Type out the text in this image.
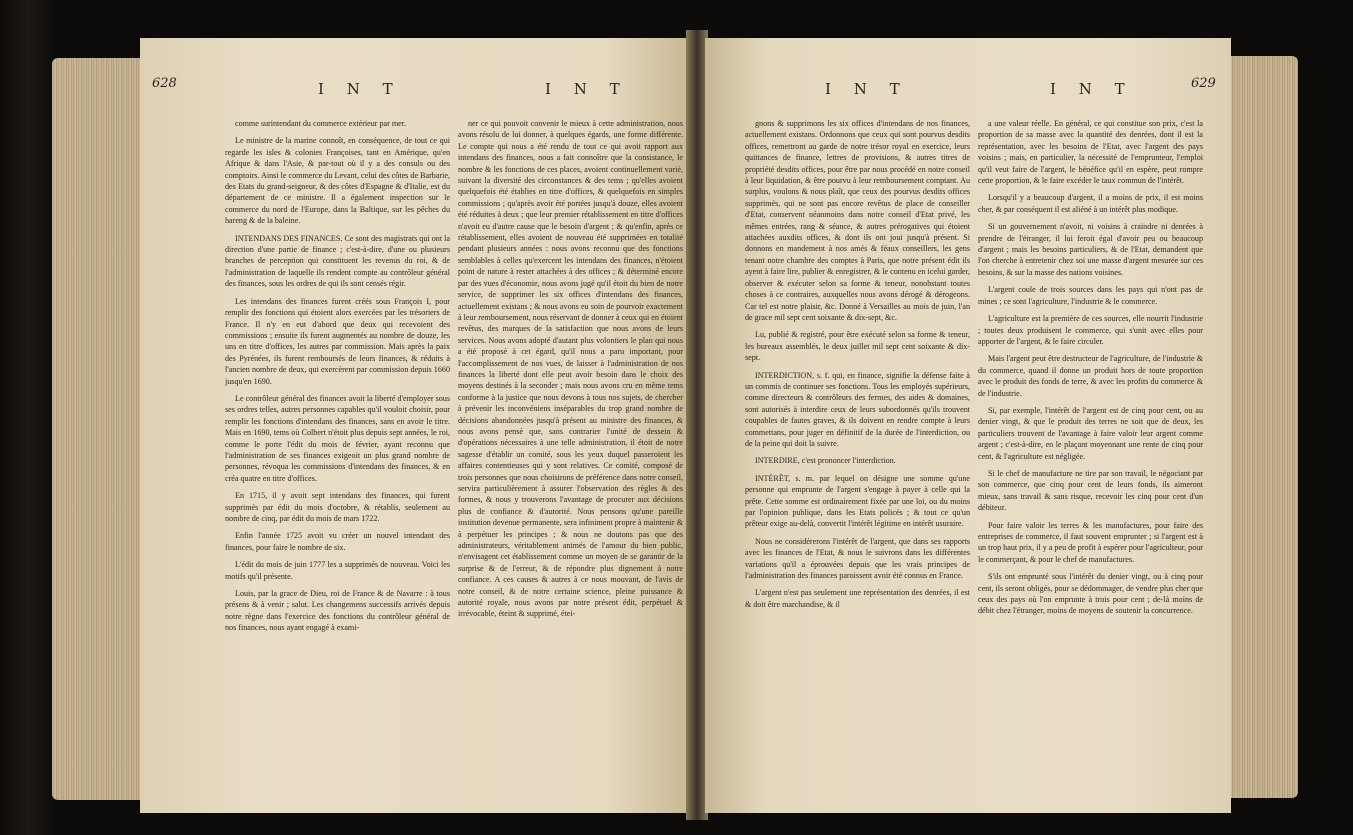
628	I N T	I N T

comme surintendant du commerce extérieur par mer.

Le ministre de la marine connoît, en conséquence, de tout ce qui regarde les isles & colonies Françoises, tant en Amérique, qu'en Afrique & dans l'Asie, & par-tout où il y a des consuls ou des comptoirs. Ainsi le commerce du Levant, celui des côtes de Barbarie, des Etats du grand-seigneur, & des côtes d'Espagne & d'Italie, est du département de ce ministre. Il a également inspection sur le commerce du nord de l'Europe, dans la Baltique, sur les pêches du hareng & de la baleine.

INTENDANS DES FINANCES. Ce sont des magistrats qui ont la direction d'une partie de finance ; c'est-à-dire, d'une ou plusieurs branches de perception qui constituent les revenus du roi, & de l'administration de laquelle ils rendent compte au contrôleur général des finances, sous les ordres de qui ils sont censés régir.

Les intendans des finances furent créés sous François I, pour remplir des fonctions qui étoient alors exercées par les trésoriers de France. Il n'y en eut d'abord que deux qui recevoient des commissions ; ensuite ils furent augmentés au nombre de douze, les uns en titre d'offices, les autres par commission. Mais après la paix des Pyrénées, ils furent remboursés de leurs finances, & réduits à l'ancien nombre de deux, qui exercèrent par commission depuis 1660 jusqu'en 1690.

Le contrôleur général des finances avoit la liberté d'employer sous ses ordres telles, autres personnes capables qu'il vouloit choisir, pour remplir les fonctions d'intendans des finances, sans en avoir le titre. Mais en 1690, tems où Colbert n'étoit plus depuis sept années, le roi, comme le porte l'édit du mois de février, ayant reconnu que l'administration de ses finances exigeoit un plus grand nombre de personnes, révoqua les commissions d'intendans des finances, & en créa quatre en titre d'offices.

En 1715, il y avoit sept intendans des finances, qui furent supprimés par édit du mois d'octobre, & rétablis, seulement au nombre de cinq, par édit du mois de mars 1722.

Enfin l'année 1725 avoit vu créer un nouvel intendant des finances, pour faire le nombre de six.

L'édit du mois de juin 1777 les a supprimés de nouveau. Voici les motifs qu'il présente.

Louis, par la grace de Dieu, roi de France & de Navarre : à tous présens & à venir ; salut. Les changemens successifs arrivés depuis notre règne dans l'exercice des fonctions du contrôleur général de nos finances, nous ayant engagé à exami-

ner ce qui pouvoit convenir le mieux à cette administration, nous avons résolu de lui donner, à quelques égards, une forme différente. Le compte qui nous a été rendu de tout ce qui avoit rapport aux intendans des finances, nous a fait connoître que la consistance, le nombre & les fonctions de ces places, avoient continuellement varié, suivant la diversité des circonstances & des tems ; qu'elles avoient quelquefois été établies en titre d'offices, & quelquefois en simples commissions ; qu'après avoir été portées jusqu'à douze, elles avoient été réduites à deux ; que leur premier rétablissement en titre d'offices n'avoit eu d'autre cause que le besoin d'argent ; & qu'enfin, après ce rétablissement, elles avoient de nouveau été supprimées en totalité pendant plusieurs années : nous avons reconnu que des fonctions semblables à celles qu'exercent les intendans des finances, n'étoient point de nature à rester attachées à des offices ; & déterminé encore par des vues d'économie, nous avons jugé qu'il étoit du bien de notre service, de supprimer les six offices d'intendans des finances, actuellement existans ; & nous avons eu soin de pourvoir exactement à leur remboursement, nous réservant de donner à ceux qui en étoient revêtus, des marques de la satisfaction que nous avons de leurs services. Nous avons adopté d'autant plus volontiers le plan qui nous a été proposé à cet égard, qu'il nous a paru important, pour l'accomplissement de nos vues, de laisser à l'administration de nos finances la liberté dont elle peut avoir besoin dans le choix des moyens destinés à la seconder ; mais nous avons cru en même tems conforme à la justice que nous devons à tous nos sujets, de chercher à prévenir les inconvéniens inséparables du trop grand nombre de décisions abandonnées jusqu'à présent au ministre des finances, & nous avons pensé que, sans contrarier l'unité de dessein & d'opérations nécessaires à une telle administration, il étoit de notre sagesse d'établir un comité, sous les yeux duquel passeroient les affaires contentieuses qui y sont relatives. Ce comité, composé de trois personnes que nous choisirons de préférence dans notre conseil, servira particulièrement à assurer l'observation des règles & des formes, & nous y trouverons l'avantage de procurer aux décisions plus de confiance & d'autorité. Nous pensons qu'une pareille institution devenue permanente, sera infiniment propre à maintenir & à perpétuer les principes ; & nous ne doutons pas que des administrateurs, véritablement animés de l'amour du bien public, n'envisagent cet établissement comme un moyen de se garantir de la surprise & de l'erreur, & de répondre plus dignement à notre confiance. A ces causes & autres à ce nous mouvant, de l'avis de notre conseil, & de notre certaine science, pleine puissance & autorité royale, nous avons par notre présent édit, perpétuel & irrévocable, éteint & supprimé, étei-

I N T	I N T	629

gnons & supprimons les six offices d'intendans de nos finances, actuellement existans. Ordonnons que ceux qui sont pourvus desdits offices, remettront au garde de notre trésor royal en exercice, leurs quittances de finance, lettres de provisions, & autres titres de propriété desdits offices, pour être par nous procédé en notre conseil à leur liquidation, & être pourvu à leur remboursement comptant. Au surplus, voulons & nous plaît, que ceux des pourvus desdits offices supprimés, qui ne sont pas encore revêtus de place de conseiller d'Etat, conservent néanmoins dans notre conseil d'Etat privé, les mêmes entrées, rang & séance, & autres prérogatives qui étoient attachées auxdits offices, & dont ils ont joui jusqu'à présent. Si donnons en mandement à nos amés & féaux conseillers, les gens tenant notre chambre des comptes à Paris, que notre présent édit ils ayent à faire lire, publier & enregistrer, & le contenu en icelui garder, observer & exécuter selon sa forme & teneur, nonobstant toutes choses à ce contraires, auxquelles nous avons dérogé & dérogeons. Car tel est notre plaisir, &c. Donné à Versailles au mois de juin, l'an de grace mil sept cent soixante & dix-sept, &c.

Lu, publié & registré, pour être exécuté selon sa forme & teneur, les bureaux assemblés, le deux juillet mil sept cent soixante & dix-sept.

INTERDICTION, s. f. qui, en finance, signifie la défense faite à un commis de continuer ses fonctions. Tous les employés supérieurs, comme directeurs & contrôleurs des fermes, des aides & domaines, sont autorisés à interdire ceux de leurs subordonnés qu'ils trouvent coupables de fautes graves, & ils doivent en rendre compte à leurs commettans, pour juger en définitif de la durée de l'interdiction, ou de la peine qui doit la suivre.

INTERDIRE, c'est prononcer l'interdiction.

INTÉRÊT, s. m. par lequel on désigne une somme qu'une personne qui emprunte de l'argent s'engage à payer à celle qui la prête. Cette somme est ordinairement fixée par une loi, ou du moins par l'opinion publique, dans les Etats policés ; & tout ce qu'un prêteur exige au-delà, convertit l'intérêt légitime en intérêt usuraire.

Nous ne considérerons l'intérêt de l'argent, que dans ses rapports avec les finances de l'Etat, & nous le suivrons dans les différentes variations qu'il a éprouvées depuis que les vrais principes de l'administration des finances paroissent avoir été connus en France.

L'argent n'est pas seulement une représentation des denrées, il est & doit être marchandise, & il

a une valeur réelle. En général, ce qui constitue son prix, c'est la proportion de sa masse avec la quantité des denrées, dont il est la représentation, avec les besoins de l'Etat, avec l'argent des pays voisins ; mais, en particulier, la nécessité de l'emprunteur, l'emploi qu'il veut faire de l'argent, le bénéfice qu'il en espère, peut rompre cette proportion, & le faire excéder le taux commun de l'intérêt.

Lorsqu'il y a beaucoup d'argent, il a moins de prix, il est moins cher, & par conséquent il est aliéné à un intérêt plus modique.

Si un gouvernement n'avoit, ni voisins à craindre ni denrées à prendre de l'étranger, il lui feroit égal d'avoir peu ou beaucoup d'argent ; mais les besoins particuliers, & de l'Etat, demandent que l'on cherche à entretenir chez soi une masse d'argent mesurée sur ces besoins, & sur la masse des nations voisines.

L'argent coule de trois sources dans les pays qui n'ont pas de mines ; ce sont l'agriculture, l'industrie & le commerce.

L'agriculture est la première de ces sources, elle nourrit l'industrie ; toutes deux produisent le commerce, qui s'unit avec elles pour apporter de l'argent, & le faire circuler.

Mais l'argent peut être destructeur de l'agriculture, de l'industrie & du commerce, quand il donne un produit hors de toute proportion avec le produit des fonds de terre, & avec les profits du commerce & de l'industrie.

Si, par exemple, l'intérêt de l'argent est de cinq pour cent, ou au denier vingt, & que le produit des terres ne soit que de deux, les particuliers trouvent de l'avantage à faire valoir leur argent comme argent ; c'est-à-dire, en le plaçant moyennant une rente de cinq pour cent, & l'agriculture est négligée.

Si le chef de manufacture ne tire par son travail, le négociant par son commerce, que cinq pour cent de leurs fonds, ils aimeront mieux, sans travail & sans risque, recevoir les cinq pour cent d'un débiteur.

Pour faire valoir les terres & les manufactures, pour faire des entreprises de commerce, il faut souvent emprunter ; si l'argent est à un trop haut prix, il y a peu de profit à espérer pour l'agriculteur, pour le commerçant, & pour le chef de manufactures.

S'ils ont emprunté sous l'intérêt du denier vingt, ou à cinq pour cent, ils seront obligés, pour se dédommager, de vendre plus cher que ceux des pays où l'on emprunte à trois pour cent ; de-là moins de débit chez l'étranger, moins de moyens de soutenir la concurrence.
